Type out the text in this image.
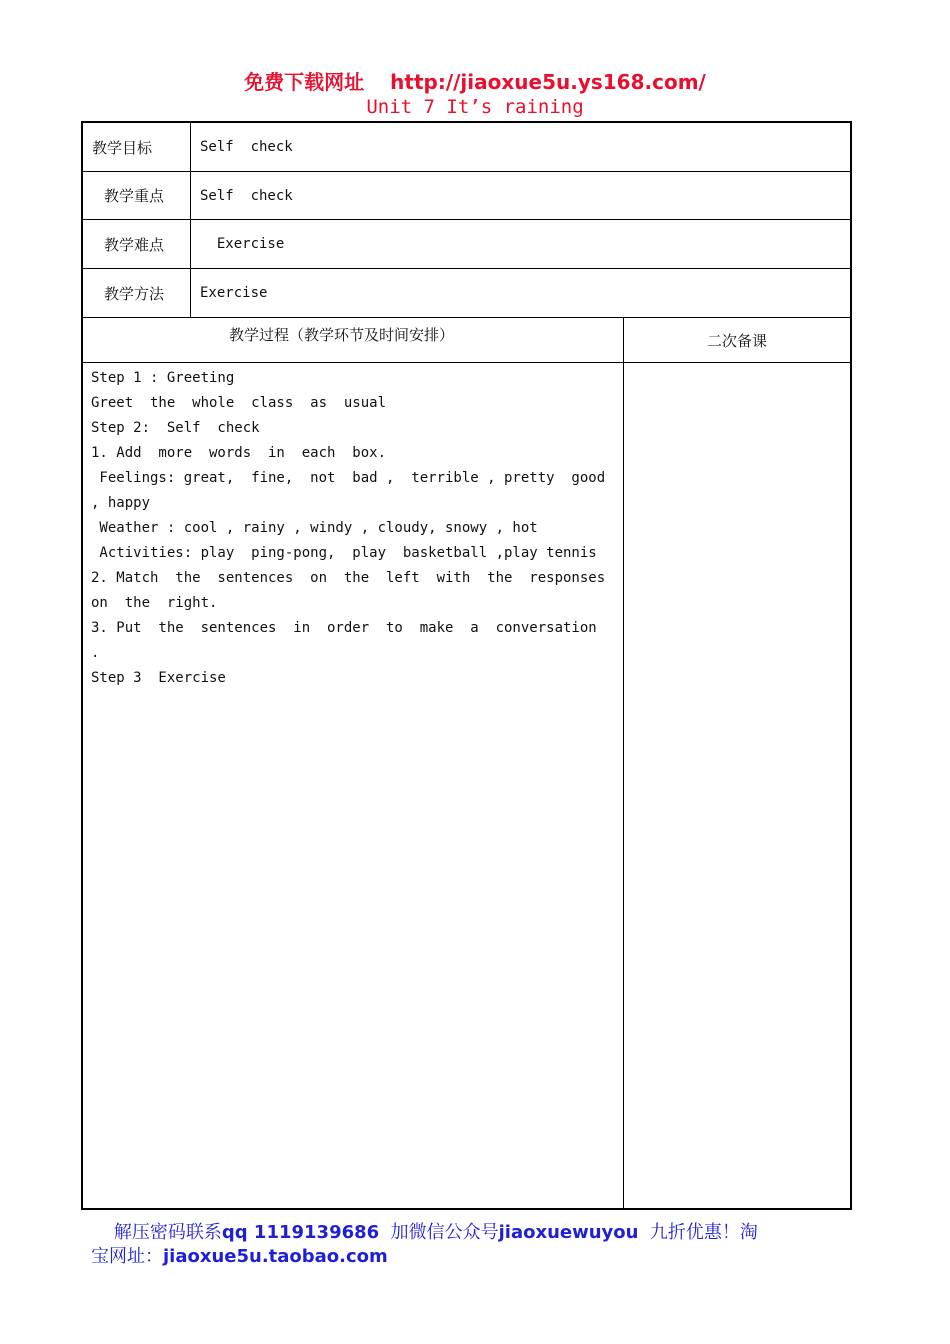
免费下载网址 http://jiaoxue5u.ys168.com/
Unit 7 It’s raining
教学目标	Self  check
教学重点	Self  check
教学难点	Exercise
教学方法	Exercise
教学过程（教学环节及时间安排）	二次备课
Step 1 : Greeting
Greet  the  whole  class  as  usual
Step 2:  Self  check
1. Add  more  words  in  each  box.
Feelings: great,  fine,  not  bad ,  terrible , pretty  good
, happy
Weather : cool , rainy , windy , cloudy, snowy , hot
Activities: play  ping-pong,  play  basketball ,play tennis
2. Match  the  sentences  on  the  left  with  the  responses
on  the  right.
3. Put  the  sentences  in  order  to  make  a  conversation
.
Step 3  Exercise
解压密码联系qq 1119139686  加微信公众号jiaoxuewuyou  九折优惠！淘
宝网址：jiaoxue5u.taobao.com
